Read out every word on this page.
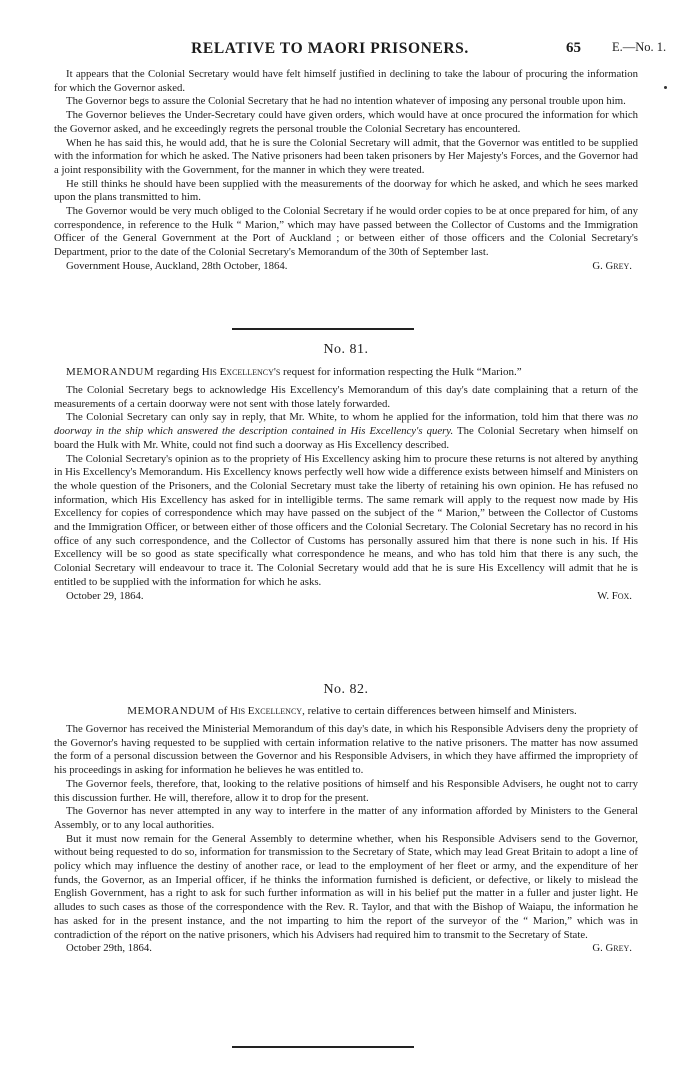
RELATIVE TO MAORI PRISONERS.	65 E.—No. 1.

It appears that the Colonial Secretary would have felt himself justified in declining to take the labour of procuring the information for which the Governor asked.

The Governor begs to assure the Colonial Secretary that he had no intention whatever of imposing any personal trouble upon him.

The Governor believes the Under-Secretary could have given orders, which would have at once procured the information for which the Governor asked, and he exceedingly regrets the personal trouble the Colonial Secretary has encountered.

When he has said this, he would add, that he is sure the Colonial Secretary will admit, that the Governor was entitled to be supplied with the information for which he asked. The Native prisoners had been taken prisoners by Her Majesty's Forces, and the Governor had a joint responsibility with the Government, for the manner in which they were treated.

He still thinks he should have been supplied with the measurements of the doorway for which he asked, and which he sees marked upon the plans transmitted to him.

The Governor would be very much obliged to the Colonial Secretary if he would order copies to be at once prepared for him, of any correspondence, in reference to the Hulk “ Marion,” which may have passed between the Collector of Customs and the Immigration Officer of the General Government at the Port of Auckland ; or between either of those officers and the Colonial Secretary's Department, prior to the date of the Colonial Secretary's Memorandum of the 30th of September last.

Government House, Auckland, 28th October, 1864.	G. Grey.
No. 81.

MEMORANDUM regarding His Excellency's request for information respecting the Hulk “Marion.”

The Colonial Secretary begs to acknowledge His Excellency's Memorandum of this day's date complaining that a return of the measurements of a certain doorway were not sent with those lately forwarded.

The Colonial Secretary can only say in reply, that Mr. White, to whom he applied for the information, told him that there was no doorway in the ship which answered the description contained in His Excellency's query. The Colonial Secretary when himself on board the Hulk with Mr. White, could not find such a doorway as His Excellency described.

The Colonial Secretary's opinion as to the propriety of His Excellency asking him to procure these returns is not altered by anything in His Excellency's Memorandum. His Excellency knows perfectly well how wide a difference exists between himself and Ministers on the whole question of the Prisoners, and the Colonial Secretary must take the liberty of retaining his own opinion. He has refused no information, which His Excellency has asked for in intelligible terms. The same remark will apply to the request now made by His Excellency for copies of correspondence which may have passed on the subject of the “ Marion,” between the Collector of Customs and the Immigration Officer, or between either of those officers and the Colonial Secretary. The Colonial Secretary has no record in his office of any such correspondence, and the Collector of Customs has personally assured him that there is none such in his. If His Excellency will be so good as state specifically what correspondence he means, and who has told him that there is any such, the Colonial Secretary will endeavour to trace it. The Colonial Secretary would add that he is sure His Excellency will admit that he is entitled to be supplied with the information for which he asks.

October 29, 1864.	W. Fox.
No. 82.

MEMORANDUM of His Excellency, relative to certain differences between himself and Ministers.

The Governor has received the Ministerial Memorandum of this day's date, in which his Responsible Advisers deny the propriety of the Governor's having requested to be supplied with certain information relative to the native prisoners. The matter has now assumed the form of a personal discussion between the Governor and his Responsible Advisers, in which they have affirmed the impropriety of his proceedings in asking for information he believes he was entitled to.

The Governor feels, therefore, that, looking to the relative positions of himself and his Responsible Advisers, he ought not to carry this discussion further. He will, therefore, allow it to drop for the present.

The Governor has never attempted in any way to interfere in the matter of any information afforded by Ministers to the General Assembly, or to any local authorities.

But it must now remain for the General Assembly to determine whether, when his Responsible Advisers send to the Governor, without being requested to do so, information for transmission to the Secretary of State, which may lead Great Britain to adopt a line of policy which may influence the destiny of another race, or lead to the employment of her fleet or army, and the expenditure of her funds, the Governor, as an Imperial officer, if he thinks the information furnished is deficient, or defective, or likely to mislead the English Government, has a right to ask for such further information as will in his belief put the matter in a fuller and juster light. He alludes to such cases as those of the correspondence with the Rev. R. Taylor, and that with the Bishop of Waiapu, the information he has asked for in the present instance, and the not imparting to him the report of the surveyor of the “ Marion,” which was in contradiction of the réport on the native prisoners, which his Advisers had required him to transmit to the Secretary of State.

October 29th, 1864.	G. Grey.
